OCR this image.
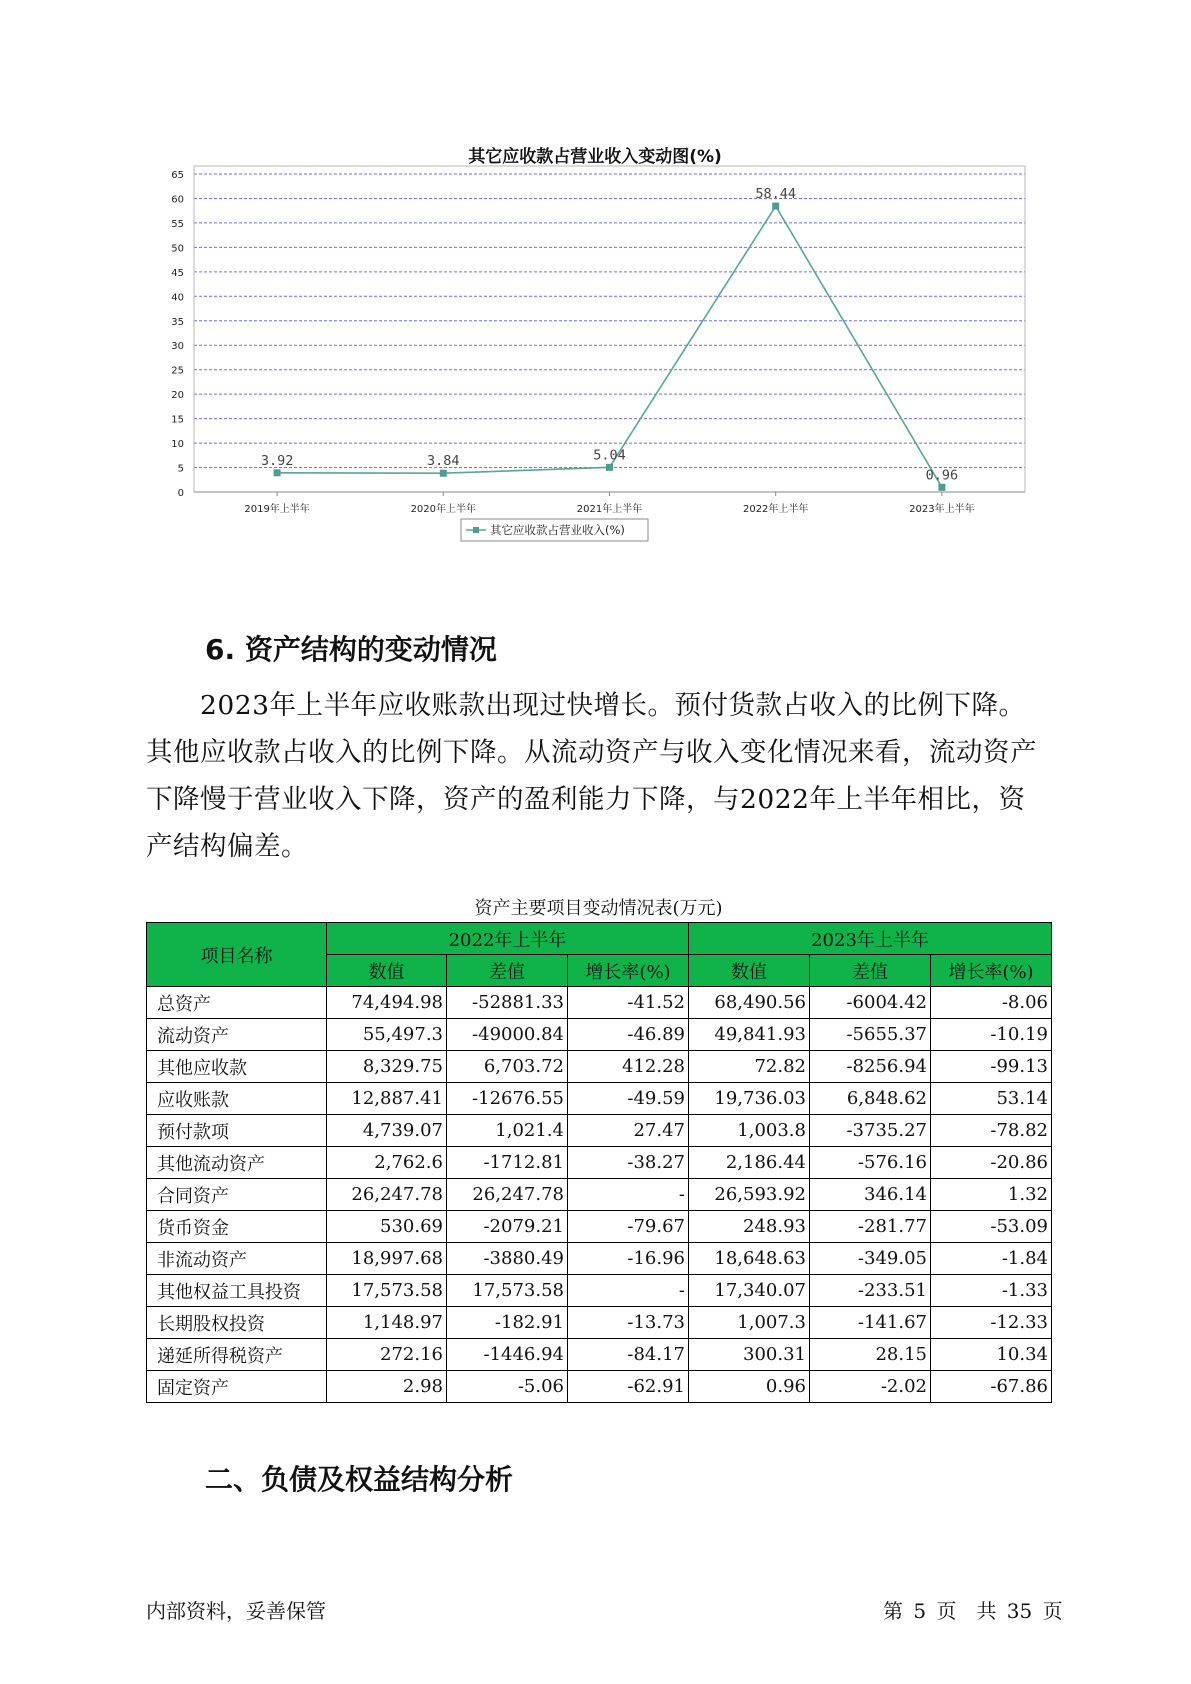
其它应收款占营业收入变动图(%)
0
5
10
15
20
25
30
35
40
45
50
55
60
65
2019年上半年	2020年上半年	2021年上半年	2022年上半年	2023年上半年
3.92	3.84	5.04
58.44
0.96
其它应收款占营业收入(%)
6. 资产结构的变动情况

　　2023年上半年应收账款出现过快增长。预付货款占收入的比例下降。其他应收款占收入的比例下降。从流动资产与收入变化情况来看，流动资产下降慢于营业收入下降，资产的盈利能力下降，与2022年上半年相比，资产结构偏差。

资产主要项目变动情况表(万元)
项目名称	2022年上半年			2023年上半年		
	数值	差值	增长率(%)	数值	差值	增长率(%)
总资产	74,494.98	-52881.33	-41.52	68,490.56	-6004.42	-8.06
流动资产	55,497.3	-49000.84	-46.89	49,841.93	-5655.37	-10.19
其他应收款	8,329.75	6,703.72	412.28	72.82	-8256.94	-99.13
应收账款	12,887.41	-12676.55	-49.59	19,736.03	6,848.62	53.14
预付款项	4,739.07	1,021.4	27.47	1,003.8	-3735.27	-78.82
其他流动资产	2,762.6	-1712.81	-38.27	2,186.44	-576.16	-20.86
合同资产	26,247.78	26,247.78	-	26,593.92	346.14	1.32
货币资金	530.69	-2079.21	-79.67	248.93	-281.77	-53.09
非流动资产	18,997.68	-3880.49	-16.96	18,648.63	-349.05	-1.84
其他权益工具投资	17,573.58	17,573.58	-	17,340.07	-233.51	-1.33
长期股权投资	1,148.97	-182.91	-13.73	1,007.3	-141.67	-12.33
递延所得税资产	272.16	-1446.94	-84.17	300.31	28.15	10.34
固定资产	2.98	-5.06	-62.91	0.96	-2.02	-67.86
二、负债及权益结构分析
内部资料，妥善保管	第 5 页　共 35 页
